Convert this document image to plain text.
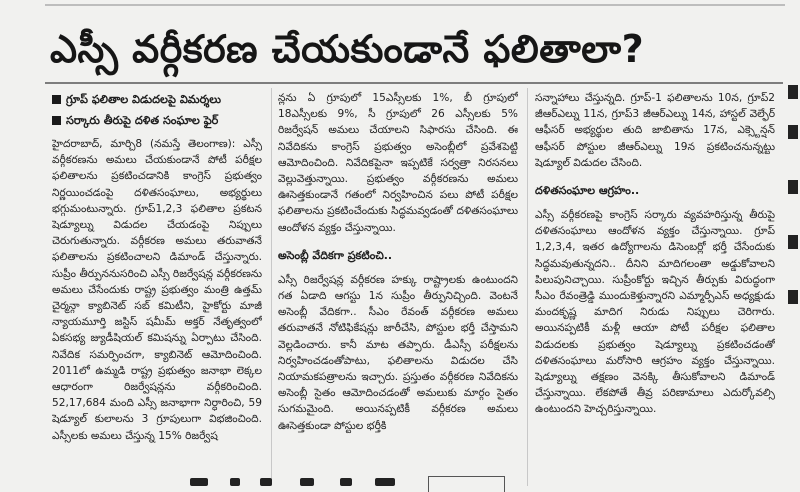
ఎస్సీ వర్గీకరణ చేయకుండానే ఫలితాలా?
గ్రూప్ ఫలితాల విడుదలపై విమర్శలు
సర్కారు తీరుపై దళిత సంఘాల ఫైర్

హైదరాబాద్, మార్చి8 (నమస్తే తెలంగాణ): ఎస్సీ వర్గీకరణను అమలు చేయకుండానే పోటీ పరీక్షల ఫలితాలను ప్రకటించడానికి కాంగ్రెస్ ప్రభుత్వం నిర్ణయించడంపై దళితసంఘాలు, అభ్యర్థులు భగ్గుమంటున్నారు. గ్రూప్1,2,3 ఫలితాల ప్రకటన షెడ్యూల్ను విడుదల చేయడంపై నిప్పులు చెరుగుతున్నారు. వర్గీకరణ అమలు తరువాతనే ఫలితాలను ప్రకటించాలని డిమాండ్ చేస్తున్నారు. సుప్రీం తీర్పుననుసరించి ఎస్సీ రిజర్వేషన్ల వర్గీకరణను అమలు చేసేందుకు రాష్ట్ర ప్రభుత్వం మంత్రి ఉత్తమ్ చైర్మన్గా క్యాబినెట్ సబ్ కమిటీని, హైకోర్టు మాజీ న్యాయమూర్తి జస్టిస్ షమీమ్ అక్తర్ నేతృత్వంలో ఏకసభ్య జ్యుడీషియల్ కమిషన్ను ఏర్పాటు చేసింది. నివేదిక సమర్పించగా, క్యాబినెట్ ఆమోదించింది. 2011లో ఉమ్మడి రాష్ట్ర ప్రభుత్వం జనాభా లెక్కల ఆధారంగా రిజర్వేషన్లను వర్గీకరించింది. 52,17,684 మంది ఎస్సీ జనాభాగా నిర్ధారించి, 59 షెడ్యూల్ కులాలను 3 గ్రూపులుగా విభజించింది. ఎస్సీలకు అమలు చేస్తున్న 15% రిజర్వేష

న్లను ఏ గ్రూపులో 15ఎస్సీలకు 1%, బీ గ్రూపులో 18ఎస్సీలకు 9%, సీ గ్రూపులో 26 ఎస్సీలకు 5% రిజర్వేషన్ అమలు చేయాలని సిఫారసు చేసింది. ఈ నివేదికను కాంగ్రెస్ ప్రభుత్వం అసెంబ్లీలో ప్రవేశపెట్టి ఆమోదించింది. నివేదికపైనా ఇప్పటికే సర్వత్రా నిరసనలు వెల్లువెత్తున్నాయి. ప్రభుత్వం వర్గీకరణను అమలు ఊసెత్తకుండానే గతంలో నిర్వహించిన పలు పోటీ పరీక్షల ఫలితాలను ప్రకటించేందుకు సిద్ధమవ్వడంతో దళితసంఘాలు ఆందోళన వ్యక్తం చేస్తున్నాయి.

అసెంబ్లీ వేదికగా ప్రకటించి..

ఎస్సీ రిజర్వేషన్ల వర్గీకరణ హక్కు రాష్ట్రాలకు ఉంటుందని గత ఏడాది ఆగస్టు 1న సుప్రీం తీర్పునిచ్చింది. వెంటనే అసెంబ్లీ వేదికగా.. సీఎం రేవంత్ వర్గీకరణ అమలు తరువాతనే నోటిఫికేషన్లు జారీచేసి, పోస్టుల భర్తీ చేస్తామని వెల్లడించారు. కానీ మాట తప్పారు. డీఎస్సీ పరీక్షలను నిర్వహించడంతోపాటు, ఫలితాలను విడుదల చేసి నియామకపత్రాలను ఇచ్చారు. ప్రస్తుతం వర్గీకరణ నివేదికను అసెంబ్లీ సైతం ఆమోదించడంతో అమలుకు మార్గం సైతం సుగమమైంది. అయినప్పటికీ వర్గీకరణ అమలు ఊసెత్తకుండా పోస్టుల భర్తీకి

సన్నాహాలు చేస్తున్నది. గ్రూప్-1 ఫలితాలను 10న, గ్రూప్2 జీఆర్ఎల్ను 11న, గ్రూప్3 జీఆర్ఎల్ను 14న, హాస్టల్ వెల్ఫేర్ ఆఫీసర్ అభ్యర్థుల తుది జాబితాను 17న, ఎక్స్టెన్షన్ ఆఫీసర్ పోస్టుల జీఆర్ఎల్ను 19న ప్రకటించనున్నట్టు షెడ్యూల్ విడుదల చేసింది.

దళితసంఘాల ఆగ్రహం..

ఎస్సీ వర్గీకరణపై కాంగ్రెస్ సర్కారు వ్యవహరిస్తున్న తీరుపై దళితసంఘాలు ఆందోళన వ్యక్తం చేస్తున్నాయి. గ్రూప్ 1,2,3,4, ఇతర ఉద్యోగాలను డిసెంబర్లో భర్తీ చేసేందుకు సిద్ధమవుతున్నదని.. దీనిని మాదిగలంతా అడ్డుకోవాలని పిలుపునిచ్చాయి. సుప్రీంకోర్టు ఇచ్చిన తీర్పుకు విరుద్ధంగా సీఎం రేవంత్రెడ్డి ముందుకెళ్తున్నారని ఎమ్మార్పీఎస్ అధ్యక్షుడు మందకృష్ణ మాదిగ నిరుడు నిప్పులు చెరిగారు. అయినప్పటికీ మళ్లీ ఆయా పోటీ పరీక్షల ఫలితాల విడుదలకు ప్రభుత్వం షెడ్యూల్ను ప్రకటించడంతో దళితసంఘాలు మరోసారి ఆగ్రహం వ్యక్తం చేస్తున్నాయి. షెడ్యూల్ను తక్షణం వెనక్కి తీసుకోవాలని డిమాండ్ చేస్తున్నాయి. లేకపోతే తీవ్ర పరిణామాలు ఎదుర్కోవల్సి ఉంటుందని హెచ్చరిస్తున్నాయి.
